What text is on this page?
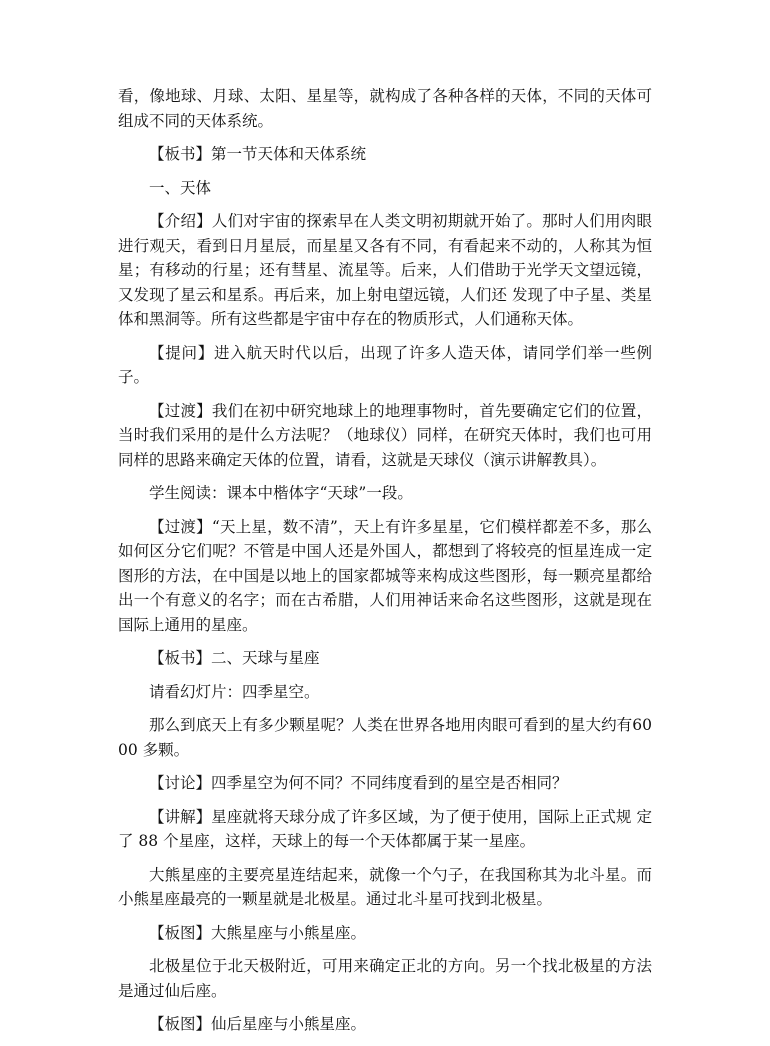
看，像地球、月球、太阳、星星等，就构成了各种各样的天体，不同的天体可组成不同的天体系统。

【板书】第一节天体和天体系统

一、天体

【介绍】人们对宇宙的探索早在人类文明初期就开始了。那时人们用肉眼进行观天，看到日月星辰，而星星又各有不同，有看起来不动的，人称其为恒星；有移动的行星；还有彗星、流星等。后来，人们借助于光学天文望远镜，又发现了星云和星系。再后来，加上射电望远镜，人们还 发现了中子星、类星体和黑洞等。所有这些都是宇宙中存在的物质形式，人们通称天体。

【提问】进入航天时代以后，出现了许多人造天体，请同学们举一些例子。

【过渡】我们在初中研究地球上的地理事物时，首先要确定它们的位置，当时我们采用的是什么方法呢？（地球仪）同样，在研究天体时，我们也可用同样的思路来确定天体的位置，请看，这就是天球仪（演示讲解教具）。

学生阅读：课本中楷体字“天球”一段。

【过渡】“天上星，数不清”，天上有许多星星，它们模样都差不多，那么如何区分它们呢？不管是中国人还是外国人，都想到了将较亮的恒星连成一定图形的方法，在中国是以地上的国家都城等来构成这些图形，每一颗亮星都给出一个有意义的名字；而在古希腊，人们用神话来命名这些图形，这就是现在国际上通用的星座。

【板书】二、天球与星座

请看幻灯片：四季星空。

那么到底天上有多少颗星呢？人类在世界各地用肉眼可看到的星大约有6000 多颗。

【讨论】四季星空为何不同？不同纬度看到的星空是否相同？

【讲解】星座就将天球分成了许多区域，为了便于使用，国际上正式规 定了 88 个星座，这样，天球上的每一个天体都属于某一星座。

大熊星座的主要亮星连结起来，就像一个勺子，在我国称其为北斗星。而小熊星座最亮的一颗星就是北极星。通过北斗星可找到北极星。

【板图】大熊星座与小熊星座。

北极星位于北天极附近，可用来确定正北的方向。另一个找北极星的方法是通过仙后座。

【板图】仙后星座与小熊星座。
